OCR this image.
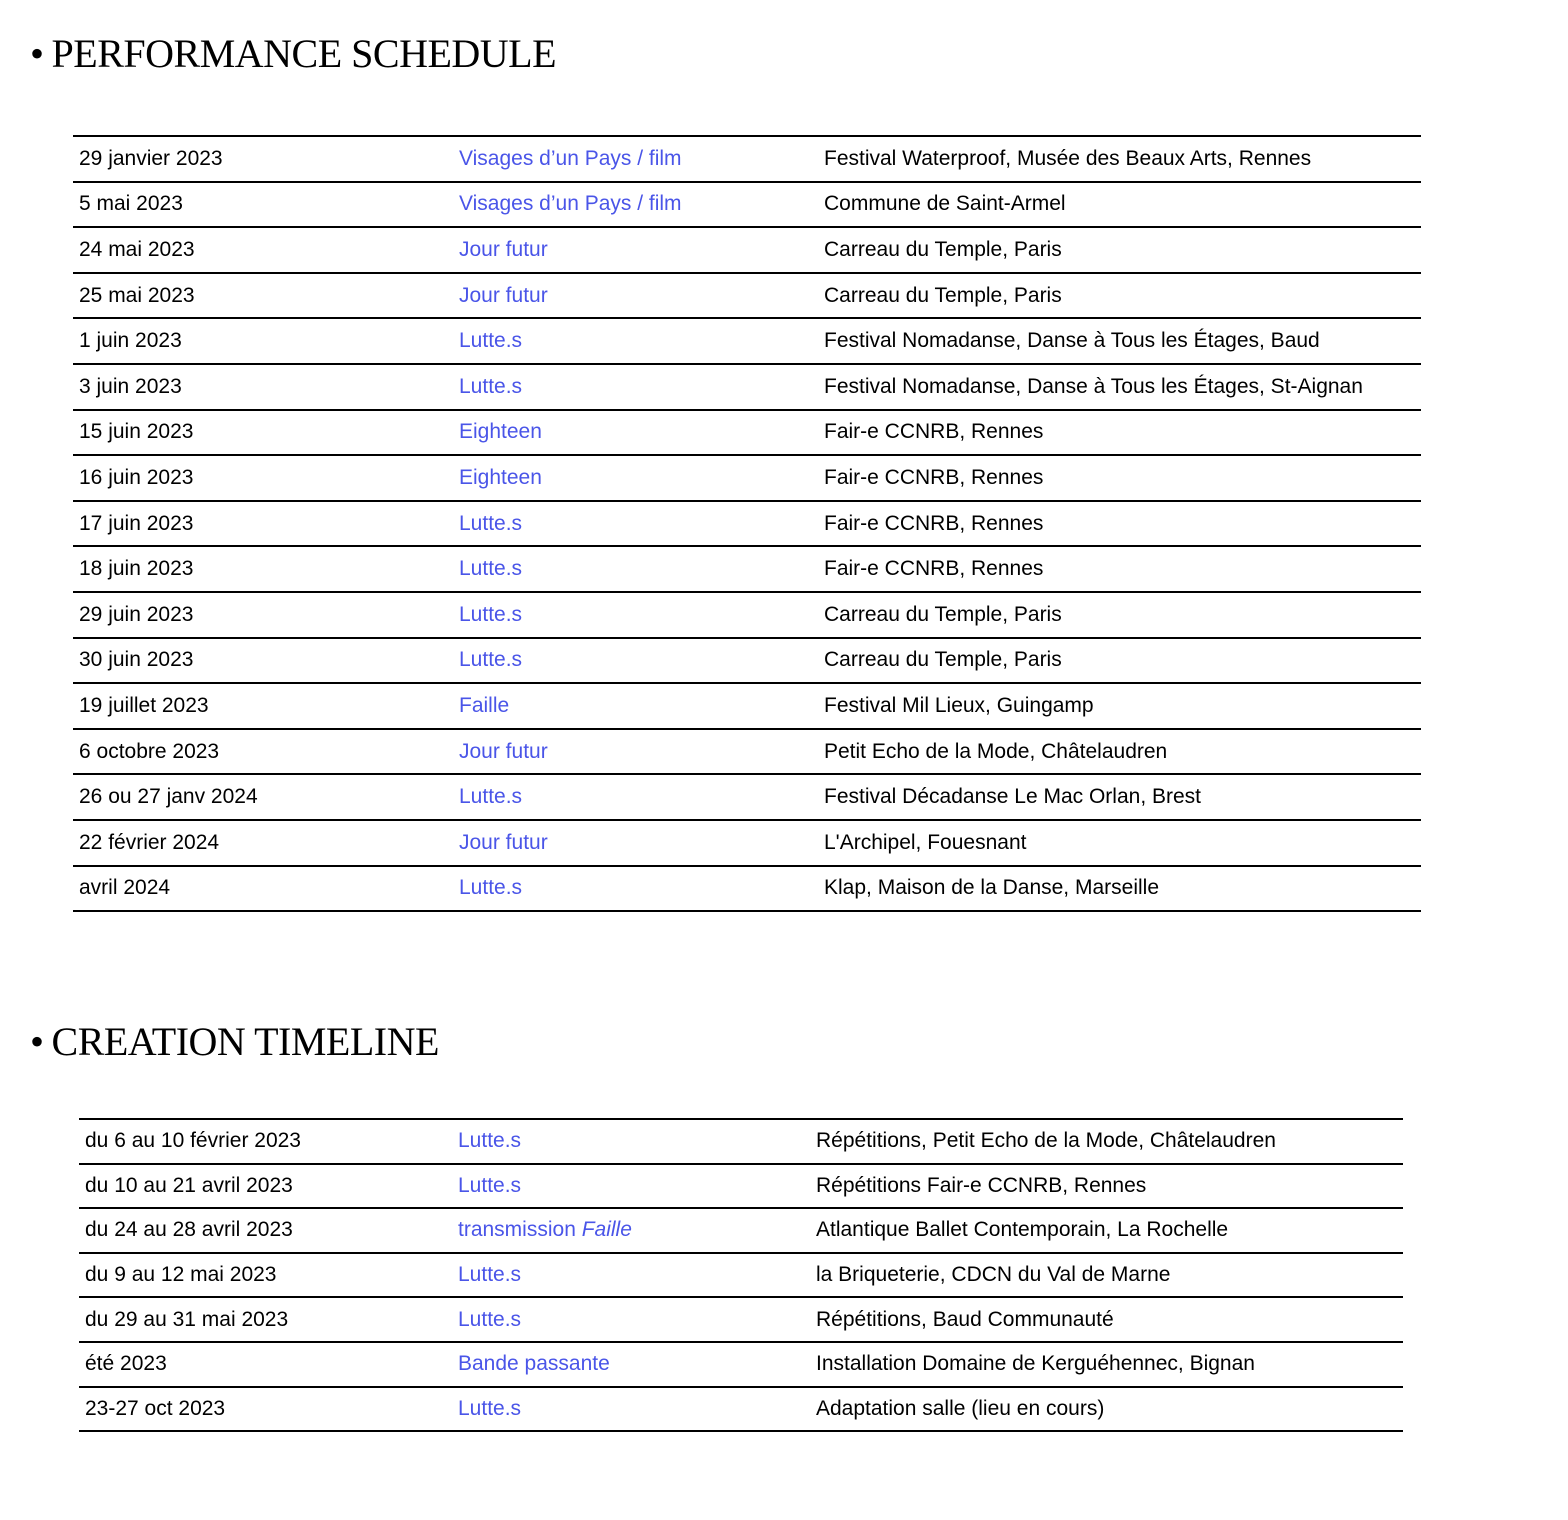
• PERFORMANCE SCHEDULE
29 janvier 2023	Visages d’un Pays / film	Festival Waterproof, Musée des Beaux Arts, Rennes
5 mai 2023	Visages d’un Pays / film	Commune de Saint-Armel
24 mai 2023	Jour futur	Carreau du Temple, Paris
25 mai 2023	Jour futur	Carreau du Temple, Paris
1 juin 2023	Lutte.s	Festival Nomadanse, Danse à Tous les Étages, Baud
3 juin 2023	Lutte.s	Festival Nomadanse, Danse à Tous les Étages, St-Aignan
15 juin 2023	Eighteen	Fair-e CCNRB, Rennes
16 juin 2023	Eighteen	Fair-e CCNRB, Rennes
17 juin 2023	Lutte.s	Fair-e CCNRB, Rennes
18 juin 2023	Lutte.s	Fair-e CCNRB, Rennes
29 juin 2023	Lutte.s	Carreau du Temple, Paris
30 juin 2023	Lutte.s	Carreau du Temple, Paris
19 juillet 2023	Faille	Festival Mil Lieux, Guingamp
6 octobre 2023	Jour futur	Petit Echo de la Mode, Châtelaudren
26 ou 27 janv 2024	Lutte.s	Festival Décadanse Le Mac Orlan, Brest
22 février 2024	Jour futur	L'Archipel, Fouesnant
avril 2024	Lutte.s	Klap, Maison de la Danse, Marseille
• CREATION TIMELINE
du 6 au 10 février 2023	Lutte.s	Répétitions, Petit Echo de la Mode, Châtelaudren
du 10 au 21 avril 2023	Lutte.s	Répétitions Fair-e CCNRB, Rennes
du 24 au 28 avril 2023	transmission Faille	Atlantique Ballet Contemporain, La Rochelle
du 9 au 12 mai 2023	Lutte.s	la Briqueterie, CDCN du Val de Marne
du 29 au 31 mai 2023	Lutte.s	Répétitions, Baud Communauté
été 2023	Bande passante	Installation Domaine de Kerguéhennec, Bignan
23-27 oct 2023	Lutte.s	Adaptation salle (lieu en cours)
